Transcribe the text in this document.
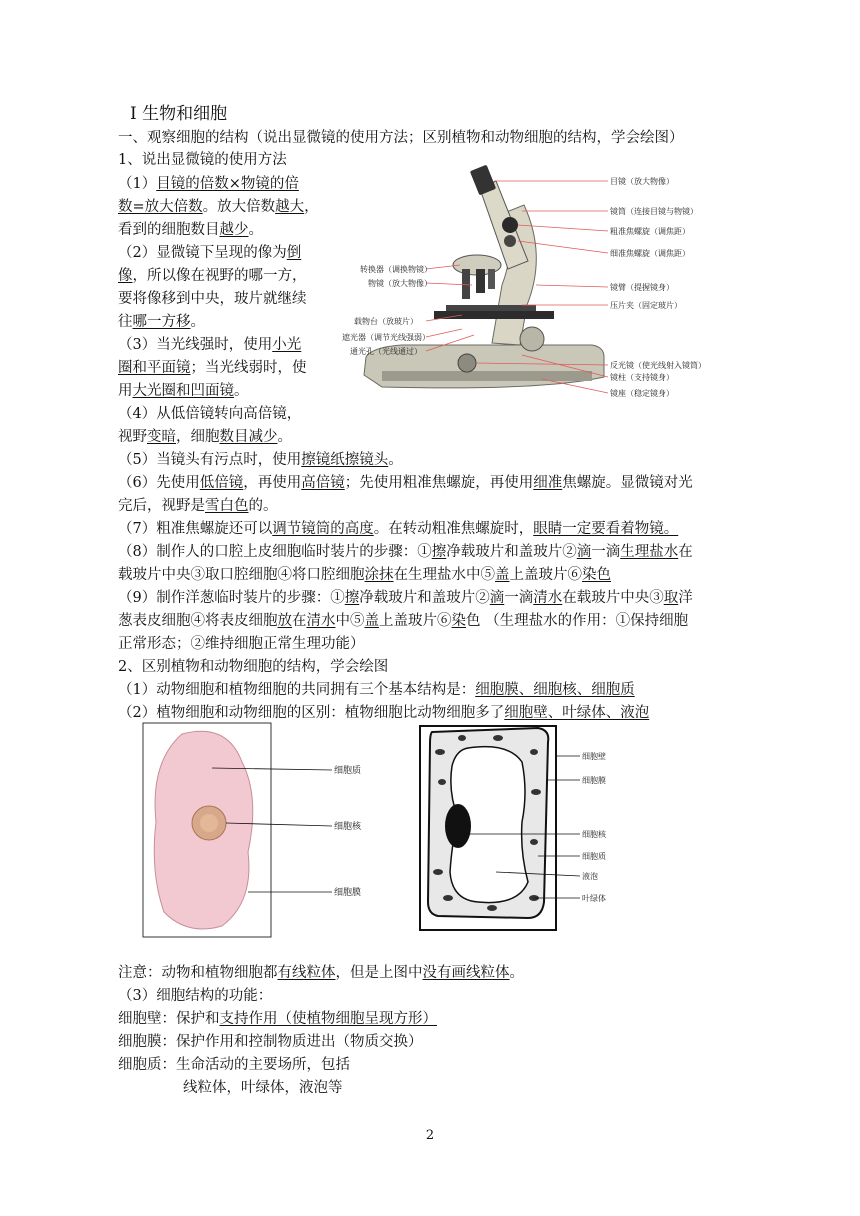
Ⅰ 生物和细胞
一、观察细胞的结构（说出显微镜的使用方法；区别植物和动物细胞的结构，学会绘图）
1、说出显微镜的使用方法
（1）目镜的倍数×物镜的倍
数=放大倍数。放大倍数越大，
看到的细胞数目越少。
（2）显微镜下呈现的像为倒
像，所以像在视野的哪一方，
要将像移到中央，玻片就继续
往哪一方移。
（3）当光线强时，使用小光
圈和平面镜；当光线弱时，使
用大光圈和凹面镜。
（4）从低倍镜转向高倍镜，
视野变暗，细胞数目减少。
（5）当镜头有污点时，使用擦镜纸擦镜头。
（6）先使用低倍镜，再使用高倍镜；先使用粗准焦螺旋，再使用细准焦螺旋。显微镜对光
完后，视野是雪白色的。
（7）粗准焦螺旋还可以调节镜筒的高度。在转动粗准焦螺旋时，眼睛一定要看着物镜。
（8）制作人的口腔上皮细胞临时装片的步骤：①擦净载玻片和盖玻片②滴一滴生理盐水在
载玻片中央③取口腔细胞④将口腔细胞涂抹在生理盐水中⑤盖上盖玻片⑥染色
（9）制作洋葱临时装片的步骤：①擦净载玻片和盖玻片②滴一滴清水在载玻片中央③取洋
葱表皮细胞④将表皮细胞放在清水中⑤盖上盖玻片⑥染色 （生理盐水的作用：①保持细胞
正常形态；②维持细胞正常生理功能）
2、区别植物和动物细胞的结构，学会绘图
（1）动物细胞和植物细胞的共同拥有三个基本结构是：细胞膜、细胞核、细胞质
（2）植物细胞和动物细胞的区别：植物细胞比动物细胞多了细胞壁、叶绿体、液泡
目镜（放大物像）
镜筒（连接目镜与物镜）
粗准焦螺旋（调焦距）
细准焦螺旋（调焦距）
转换器（调换物镜）
物镜（放大物像）	镜臂（提握镜身）
压片夹（固定玻片）
载物台（放玻片）
遮光器（调节光线强弱）
通光孔（光线通过）
反光镜（使光线射入镜筒）
镜柱（支持镜身）
镜座（稳定镜身）
细胞质
细胞核
细胞膜
细胞壁
细胞膜
细胞核
细胞质
液泡
叶绿体
注意：动物和植物细胞都有线粒体，但是上图中没有画线粒体。
（3）细胞结构的功能：
细胞壁：保护和支持作用（使植物细胞呈现方形）
细胞膜：保护作用和控制物质进出（物质交换）
细胞质：生命活动的主要场所，包括
线粒体，叶绿体，液泡等
2
